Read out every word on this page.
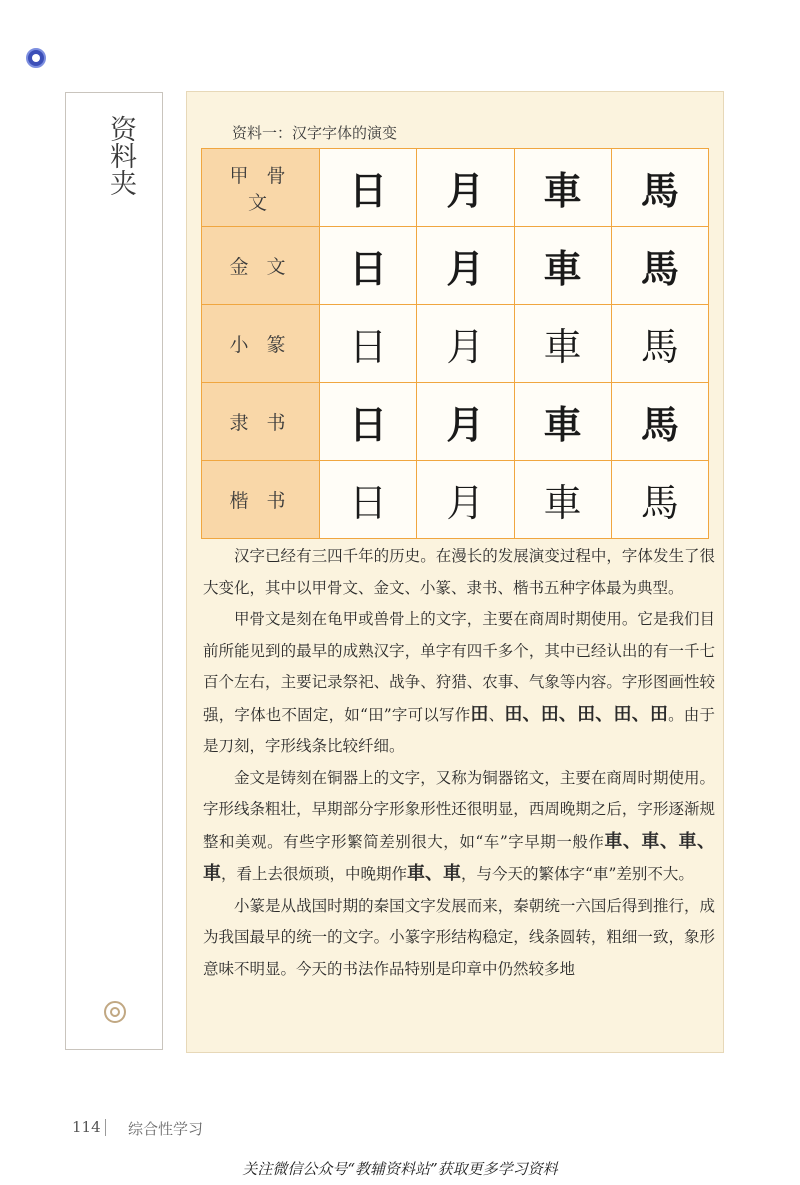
资料夹	资料一：汉字字体的演变
甲骨文	日	月	車	馬
金文	日	月	車	馬
小篆	日	月	車	馬
隶书	日	月	車	馬
楷书	日	月	車	馬

汉字已经有三四千年的历史。在漫长的发展演变过程中，字体发生了很大变化，其中以甲骨文、金文、小篆、隶书、楷书五种字体最为典型。

甲骨文是刻在龟甲或兽骨上的文字，主要在商周时期使用。它是我们目前所能见到的最早的成熟汉字，单字有四千多个，其中已经认出的有一千七百个左右，主要记录祭祀、战争、狩猎、农事、气象等内容。字形图画性较强，字体也不固定，如“田”字可以写作田、田、田、田、田、田。由于是刀刻，字形线条比较纤细。

金文是铸刻在铜器上的文字，又称为铜器铭文，主要在商周时期使用。字形线条粗壮，早期部分字形象形性还很明显，西周晚期之后，字形逐渐规整和美观。有些字形繁简差别很大，如“车”字早期一般作車、車、車、車，看上去很烦琐，中晚期作車、車，与今天的繁体字“車”差别不大。

小篆是从战国时期的秦国文字发展而来，秦朝统一六国后得到推行，成为我国最早的统一的文字。小篆字形结构稳定，线条圆转，粗细一致，象形意味不明显。今天的书法作品特别是印章中仍然较多地

114 综合性学习
关注微信公众号“教辅资料站”获取更多学习资料
